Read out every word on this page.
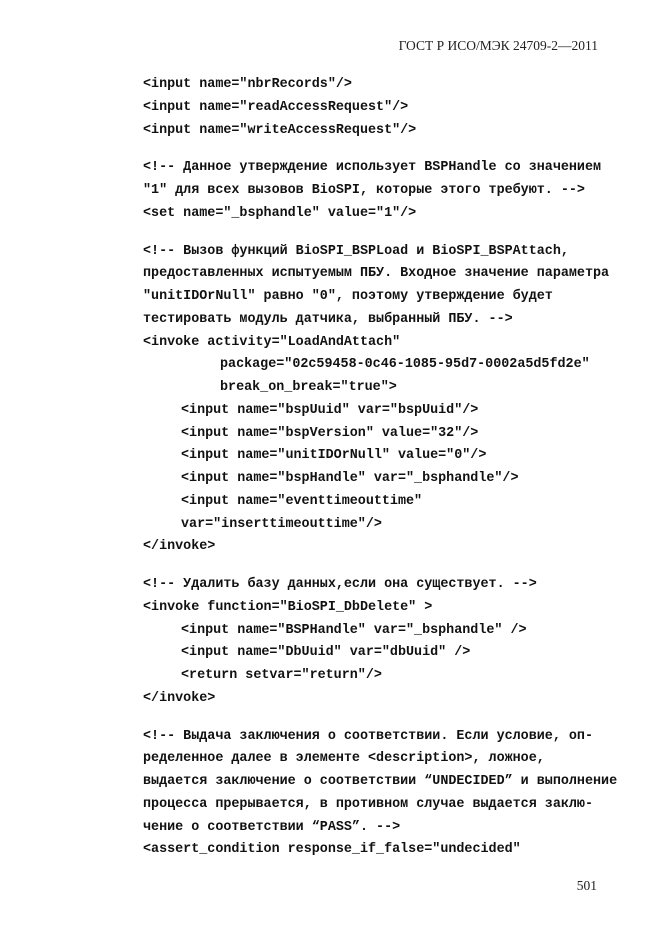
ГОСТ Р ИСО/МЭК 24709-2—2011
<input name="nbrRecords"/>
<input name="readAccessRequest"/>
<input name="writeAccessRequest"/>
<!-- Данное утверждение использует BSPHandle со значением
"1" для всех вызовов BioSPI, которые этого требуют. -->
<set name="_bsphandle" value="1"/>
<!-- Вызов функций BioSPI_BSPLoad и BioSPI_BSPAttach,
предоставленных испытуемым ПБУ. Входное значение параметра
"unitIDOrNull" равно "0", поэтому утверждение будет
тестировать модуль датчика, выбранный ПБУ. -->
<invoke activity="LoadAndAttach"
package="02c59458-0c46-1085-95d7-0002a5d5fd2e"
break_on_break="true">
<input name="bspUuid" var="bspUuid"/>
<input name="bspVersion" value="32"/>
<input name="unitIDOrNull" value="0"/>
<input name="bspHandle" var="_bsphandle"/>
<input name="eventtimeouttime"
var="inserttimeouttime"/>
</invoke>
<!-- Удалить базу данных,если она существует. -->
<invoke function="BioSPI_DbDelete" >
<input name="BSPHandle" var="_bsphandle" />
<input name="DbUuid" var="dbUuid" />
<return setvar="return"/>
</invoke>
<!-- Выдача заключения о соответствии. Если условие, оп-
ределенное далее в элементе <description>, ложное,
выдается заключение о соответствии “UNDECIDED” и выполнение
процесса прерывается, в противном случае выдается заклю-
чение о соответствии “PASS”. -->
<assert_condition response_if_false="undecided"
501
